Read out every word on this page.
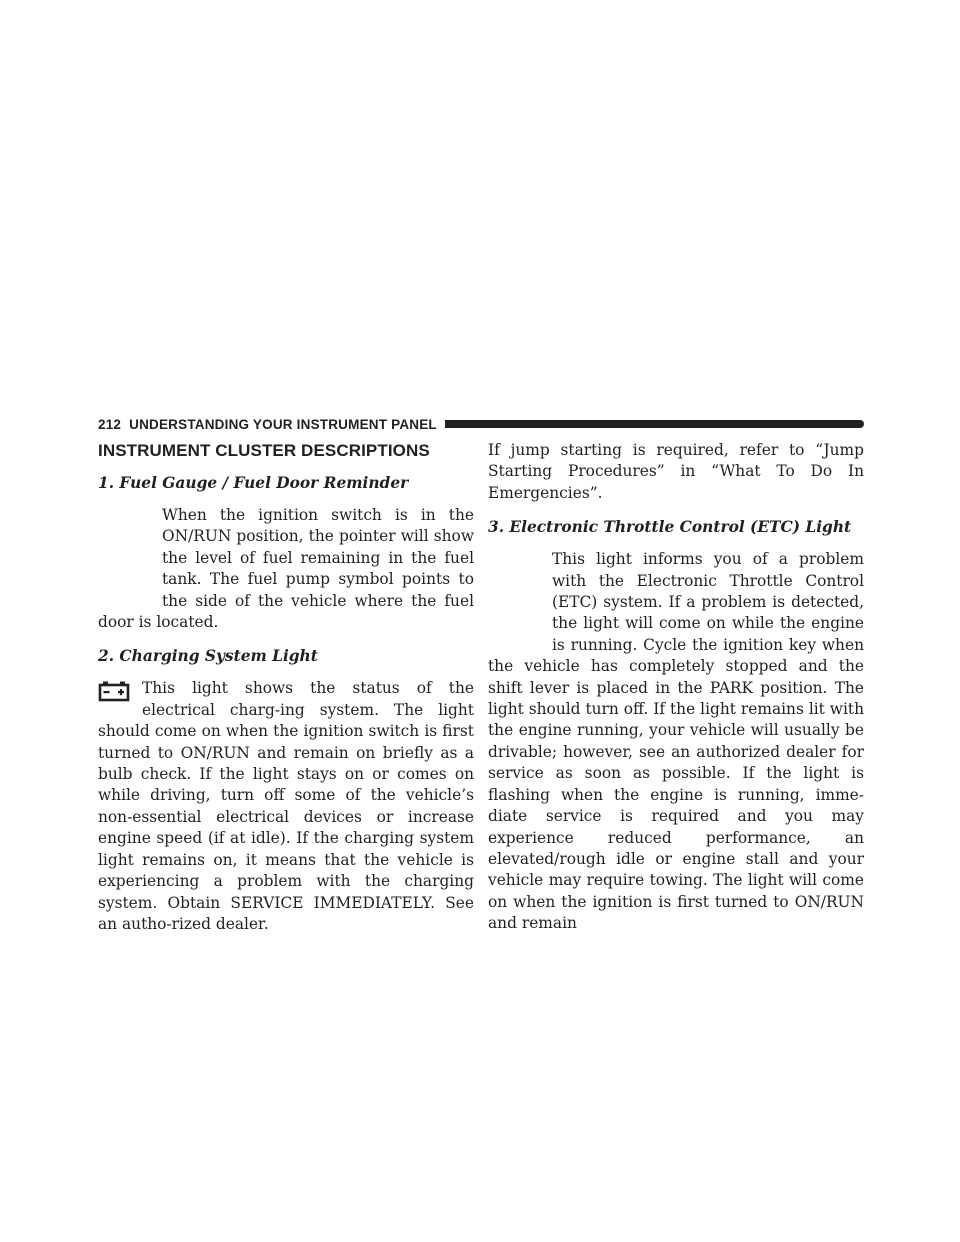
212 UNDERSTANDING YOUR INSTRUMENT PANEL
INSTRUMENT CLUSTER DESCRIPTIONS
1. Fuel Gauge / Fuel Door Reminder
When the ignition switch is in the ON/RUN position, the pointer will show the level of fuel remaining in the fuel tank. The fuel pump symbol points to the side of the vehicle where the fuel door is located.
2. Charging System Light
This light shows the status of the electrical charg-ing system. The light should come on when the ignition switch is first turned to ON/RUN and remain on briefly as a bulb check. If the light stays on or comes on while driving, turn off some of the vehicle’s non-essential electrical devices or increase engine speed (if at idle). If the charging system light remains on, it means that the vehicle is experiencing a problem with the charging system. Obtain SERVICE IMMEDIATELY. See an autho-rized dealer.
If jump starting is required, refer to “Jump Starting Procedures” in “What To Do In Emergencies”.
3. Electronic Throttle Control (ETC) Light
This light informs you of a problem with the Electronic Throttle Control (ETC) system. If a problem is detected, the light will come on while the engine is running. Cycle the ignition key when the vehicle has completely stopped and the shift lever is placed in the PARK position. The light should turn off. If the light remains lit with the engine running, your vehicle will usually be drivable; however, see an authorized dealer for service as soon as possible. If the light is flashing when the engine is running, imme-diate service is required and you may experience reduced performance, an elevated/rough idle or engine stall and your vehicle may require towing. The light will come on when the ignition is first turned to ON/RUN and remain
